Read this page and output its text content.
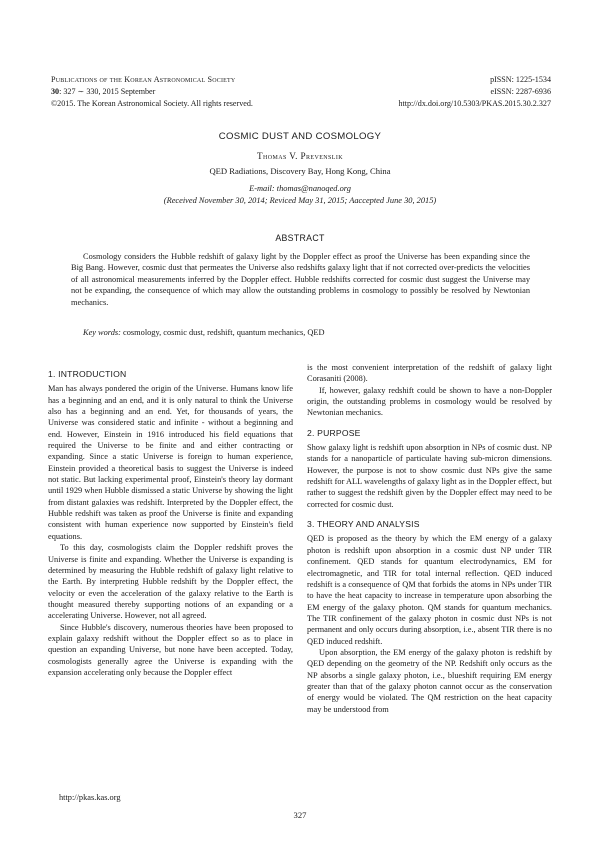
Publications of the Korean Astronomical Society
30: 327 ∼ 330, 2015 September
©2015. The Korean Astronomical Society. All rights reserved.
pISSN: 1225-1534
eISSN: 2287-6936
http://dx.doi.org/10.5303/PKAS.2015.30.2.327
COSMIC DUST AND COSMOLOGY
Thomas V. Prevenslik
QED Radiations, Discovery Bay, Hong Kong, China
E-mail: thomas@nanoqed.org
(Received November 30, 2014; Reviced May 31, 2015; Aaccepted June 30, 2015)
ABSTRACT
Cosmology considers the Hubble redshift of galaxy light by the Doppler effect as proof the Universe has been expanding since the Big Bang. However, cosmic dust that permeates the Universe also redshifts galaxy light that if not corrected over-predicts the velocities of all astronomical measurements inferred by the Doppler effect. Hubble redshifts corrected for cosmic dust suggest the Universe may not be expanding, the consequence of which may allow the outstanding problems in cosmology to possibly be resolved by Newtonian mechanics.
Key words: cosmology, cosmic dust, redshift, quantum mechanics, QED
1. INTRODUCTION

Man has always pondered the origin of the Universe. Humans know life has a beginning and an end, and it is only natural to think the Universe also has a beginning and an end. Yet, for thousands of years, the Universe was considered static and infinite - without a beginning and end. However, Einstein in 1916 introduced his field equations that required the Universe to be finite and and either contracting or expanding. Since a static Universe is foreign to human experience, Einstein provided a theoretical basis to suggest the Universe is indeed not static. But lacking experimental proof, Einstein's theory lay dormant until 1929 when Hubble dismissed a static Universe by showing the light from distant galaxies was redshift. Interpreted by the Doppler effect, the Hubble redshift was taken as proof the Universe is finite and expanding consistent with human experience now supported by Einstein's field equations.

To this day, cosmologists claim the Doppler redshift proves the Universe is finite and expanding. Whether the Universe is expanding is determined by measuring the Hubble redshift of galaxy light relative to the Earth. By interpreting Hubble redshift by the Doppler effect, the velocity or even the acceleration of the galaxy relative to the Earth is thought measured thereby supporting notions of an expanding or a accelerating Universe. However, not all agreed.

Since Hubble's discovery, numerous theories have been proposed to explain galaxy redshift without the Doppler effect so as to place in question an expanding Universe, but none have been accepted. Today, cosmologists generally agree the Universe is expanding with the expansion accelerating only because the Doppler effect

is the most convenient interpretation of the redshift of galaxy light Corasaniti (2008).

If, however, galaxy redshift could be shown to have a non-Doppler origin, the outstanding problems in cosmology would be resolved by Newtonian mechanics.

2. PURPOSE

Show galaxy light is redshift upon absorption in NPs of cosmic dust. NP stands for a nanoparticle of particulate having sub-micron dimensions. However, the purpose is not to show cosmic dust NPs give the same redshift for ALL wavelengths of galaxy light as in the Doppler effect, but rather to suggest the redshift given by the Doppler effect may need to be corrected for cosmic dust.

3. THEORY AND ANALYSIS

QED is proposed as the theory by which the EM energy of a galaxy photon is redshift upon absorption in a cosmic dust NP under TIR confinement. QED stands for quantum electrodynamics, EM for electromagnetic, and TIR for total internal reflection. QED induced redshift is a consequence of QM that forbids the atoms in NPs under TIR to have the heat capacity to increase in temperature upon absorbing the EM energy of the galaxy photon. QM stands for quantum mechanics. The TIR confinement of the galaxy photon in cosmic dust NPs is not permanent and only occurs during absorption, i.e., absent TIR there is no QED induced redshift.

Upon absorption, the EM energy of the galaxy photon is redshift by QED depending on the geometry of the NP. Redshift only occurs as the NP absorbs a single galaxy photon, i.e., blueshift requiring EM energy greater than that of the galaxy photon cannot occur as the conservation of energy would be violated. The QM restriction on the heat capacity may be understood from

http://pkas.kas.org
327
